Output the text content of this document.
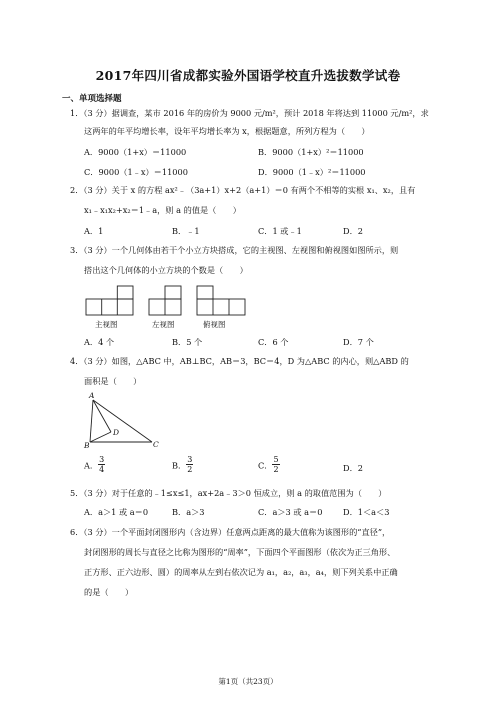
2017年四川省成都实验外国语学校直升选拔数学试卷
一、单项选择题
1．（3 分）据调查，某市 2016 年的房价为 9000 元/m²，预计 2018 年将达到 11000 元/m²，求
这两年的年平均增长率，设年平均增长率为 x，根据题意，所列方程为（　　）
A．9000（1+x）＝11000	B．9000（1+x）²＝11000
C．9000（1﹣x）＝11000	D．9000（1﹣x）²＝11000
2．（3 分）关于 x 的方程 ax²﹣（3a+1）x+2（a+1）＝0 有两个不相等的实根 x₁、x₂，且有
x₁﹣x₁x₂+x₂＝1﹣a，则 a 的值是（　　）
A．1	B．﹣1	C．1 或﹣1	D．2
3．（3 分）一个几何体由若干个小立方块搭成，它的主视图、左视图和俯视图如图所示，则
搭出这个几何体的小立方块的个数是（　　）
主视图	左视图	俯视图
A．4 个	B．5 个	C．6 个	D．7 个
4．（3 分）如图，△ABC 中，AB⊥BC，AB＝3，BC＝4，D 为△ABC 的内心，则△ABD 的
面积是（　　）
A
B	C
D
A． $\frac{3}{4}$	B． $\frac{3}{2}$	C． $\frac{5}{2}$	D．2
5．（3 分）对于任意的﹣1≤x≤1，ax+2a﹣3＞0 恒成立，则 a 的取值范围为（　　）
A．a＞1 或 a＝0	B．a＞3	C．a＞3 或 a＝0	D．1＜a＜3
6．（3 分）一个平面封闭图形内（含边界）任意两点距离的最大值称为该图形的“直径”，
封闭图形的周长与直径之比称为图形的“周率”，下面四个平面图形（依次为正三角形、
正方形、正六边形、圆）的周率从左到右依次记为 a₁，a₂，a₃，a₄，则下列关系中正确
的是（　　）
第1页（共23页）
